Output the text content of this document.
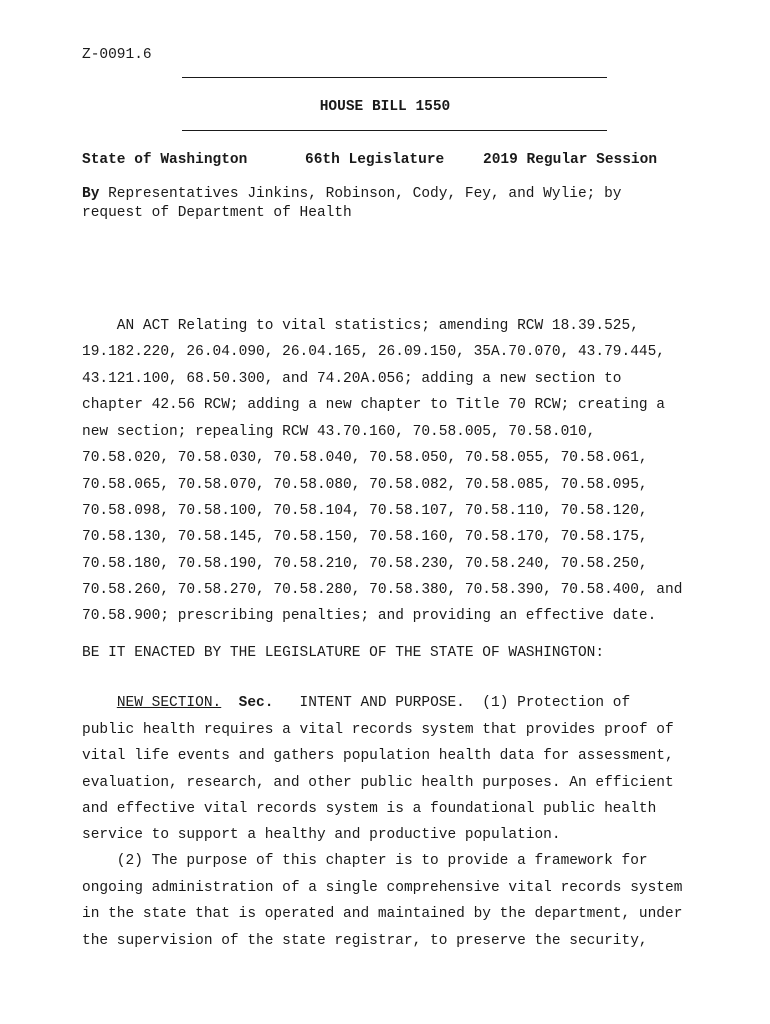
Z-0091.6
HOUSE BILL 1550
State of Washington	66th Legislature	2019 Regular Session
By Representatives Jinkins, Robinson, Cody, Fey, and Wylie; by
request of Department of Health
AN ACT Relating to vital statistics; amending RCW 18.39.525,
19.182.220, 26.04.090, 26.04.165, 26.09.150, 35A.70.070, 43.79.445,
43.121.100, 68.50.300, and 74.20A.056; adding a new section to
chapter 42.56 RCW; adding a new chapter to Title 70 RCW; creating a
new section; repealing RCW 43.70.160, 70.58.005, 70.58.010,
70.58.020, 70.58.030, 70.58.040, 70.58.050, 70.58.055, 70.58.061,
70.58.065, 70.58.070, 70.58.080, 70.58.082, 70.58.085, 70.58.095,
70.58.098, 70.58.100, 70.58.104, 70.58.107, 70.58.110, 70.58.120,
70.58.130, 70.58.145, 70.58.150, 70.58.160, 70.58.170, 70.58.175,
70.58.180, 70.58.190, 70.58.210, 70.58.230, 70.58.240, 70.58.250,
70.58.260, 70.58.270, 70.58.280, 70.58.380, 70.58.390, 70.58.400, and
70.58.900; prescribing penalties; and providing an effective date.
BE IT ENACTED BY THE LEGISLATURE OF THE STATE OF WASHINGTON:
NEW SECTION. Sec.   INTENT AND PURPOSE.  (1) Protection of
public health requires a vital records system that provides proof of
vital life events and gathers population health data for assessment,
evaluation, research, and other public health purposes. An efficient
and effective vital records system is a foundational public health
service to support a healthy and productive population.
(2) The purpose of this chapter is to provide a framework for
ongoing administration of a single comprehensive vital records system
in the state that is operated and maintained by the department, under
the supervision of the state registrar, to preserve the security,
